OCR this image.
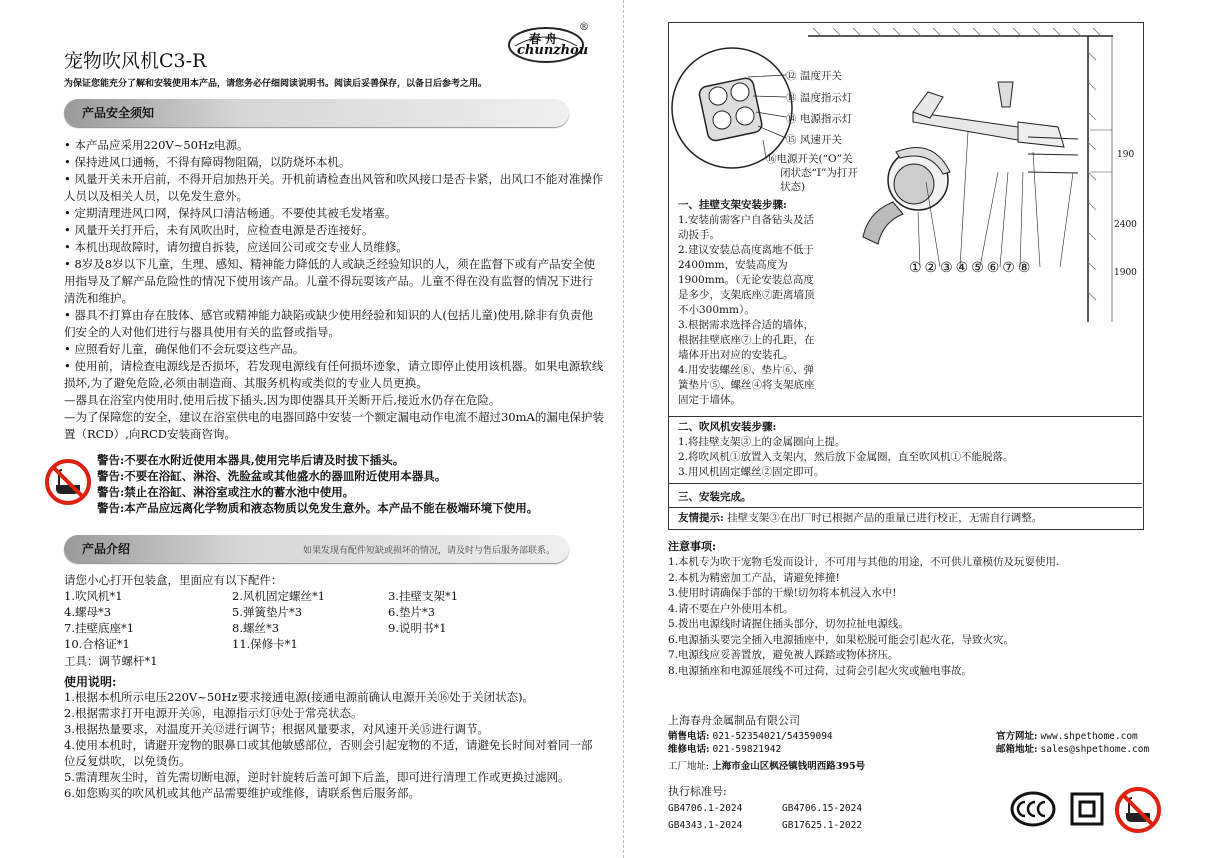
宠物吹风机C3-R
为保证您能充分了解和安装使用本产品，请您务必仔细阅读说明书。阅读后妥善保存，以备日后参考之用。
春 舟
chunzhou
®
产品安全须知
• 本产品应采用220V~50Hz电源。
• 保持进风口通畅，不得有障碍物阻隔，以防烧坏本机。
• 风量开关未开启前，不得开启加热开关。开机前请检查出风管和吹风接口是否卡紧，出风口不能对准操作人员以及相关人员，以免发生意外。
• 定期清理进风口网，保持风口清洁畅通。不要使其被毛发堵塞。
• 风量开关打开后，未有风吹出时，应检查电源是否连接好。
• 本机出现故障时，请勿擅自拆装，应送回公司或交专业人员维修。
• 8岁及8岁以下儿童，生理、感知、精神能力降低的人或缺乏经验知识的人，须在监督下或有产品安全使用指导及了解产品危险性的情况下使用该产品。儿童不得玩耍该产品。儿童不得在没有监督的情况下进行清洗和维护。
• 器具不打算由存在肢体、感官或精神能力缺陷或缺少使用经验和知识的人(包括儿童)使用,除非有负责他们安全的人对他们进行与器具使用有关的监督或指导。
• 应照看好儿童，确保他们不会玩耍这些产品。
• 使用前，请检查电源线是否损坏，若发现电源线有任何损坏迹象，请立即停止使用该机器。如果电源软线损坏,为了避免危险,必须由制造商、其服务机构或类似的专业人员更换。
—器具在浴室内使用时,使用后拔下插头,因为即使器具开关断开后,接近水仍存在危险。
—为了保障您的安全，建议在浴室供电的电器回路中安装一个额定漏电动作电流不超过30mA的漏电保护装置（RCD）,向RCD安装商咨询。
警告:不要在水附近使用本器具,使用完毕后请及时拔下插头。
警告:不要在浴缸、淋浴、洗脸盆或其他盛水的器皿附近使用本器具。
警告:禁止在浴缸、淋浴室或注水的蓄水池中使用。
警告:本产品应远离化学物质和液态物质以免发生意外。本产品不能在极端环境下使用。
产品介绍	如果发现有配件短缺或损坏的情况，请及时与售后服务部联系。
请您小心打开包装盒，里面应有以下配件：
1.吹风机*1	2.风机固定螺丝*1	3.挂壁支架*1
4.螺母*3	5.弹簧垫片*3	6.垫片*3
7.挂壁底座*1	8.螺丝*3	9.说明书*1
10.合格证*1	11.保修卡*1
工具：调节螺杆*1
使用说明:
1.根据本机所示电压220V~50Hz要求接通电源(接通电源前确认电源开关⑯处于关闭状态)。
2.根据需求打开电源开关⑯，电源指示灯⑭处于常亮状态。
3.根据热量要求，对温度开关⑫进行调节；根据风量要求，对风速开关⑮进行调节。
4.使用本机时，请避开宠物的眼鼻口或其他敏感部位，否则会引起宠物的不适，请避免长时间对着同一部位反复烘吹，以免烫伤。
5.需清理灰尘时，首先需切断电源，逆时针旋转后盖可卸下后盖，即可进行清理工作或更换过滤网。
6.如您购买的吹风机或其他产品需要维护或维修，请联系售后服务部。
⑫ 温度开关
⑬ 温度指示灯
⑭ 电源指示灯
⑮ 风速开关
⑯电源开关(“O”关
闭状态“I”为打开
状态)
①②③④⑤⑥⑦⑧
190
2400
1900
一、挂壁支架安装步骤:
1.安装前需客户自备钻头及活动扳手。
2.建议安装总高度离地不低于2400mm，安装高度为1900mm。（无论安装总高度是多少，支架底座⑦距离墙顶不小300mm）。
3.根据需求选择合适的墙体，根据挂壁底座⑦上的孔距，在墙体开出对应的安装孔。
4.用安装螺丝⑧、垫片⑥、弹簧垫片⑤、螺丝④将支架底座固定于墙体。
二、吹风机安装步骤:
1.将挂壁支架③上的金属圈向上提。
2.将吹风机①放置入支架内，然后放下金属圈，直至吹风机①不能脱落。
3.用风机固定螺丝②固定即可。
三、安装完成。
友情提示: 挂壁支架③在出厂时已根据产品的重量已进行校正，无需自行调整。
注意事项:
1.本机专为吹干宠物毛发而设计，不可用与其他的用途，不可供儿童模仿及玩耍使用.
2.本机为精密加工产品，请避免摔撞!
3.使用时请确保手部的干燥!切勿将本机浸入水中!
4.请不要在户外使用本机。
5.拨出电源线时请握住插头部分，切勿拉扯电源线。
6.电源插头要完全插入电源插座中，如果松脱可能会引起火花，导致火灾。
7.电源线应妥善置放，避免被人踩踏或物体挤压。
8.电源插座和电源延展线不可过荷，过荷会引起火灾或触电事故。
上海春舟金属制品有限公司
销售电话: 021-52354021/54359094
维修电话: 021-59821942
工厂地址: 上海市金山区枫泾镇钱明西路395号
官方网址: www.shpethome.com
邮箱地址: sales@shpethome.com
执行标准号:
GB4706.1-2024	GB4706.15-2024
GB4343.1-2024	GB17625.1-2022
